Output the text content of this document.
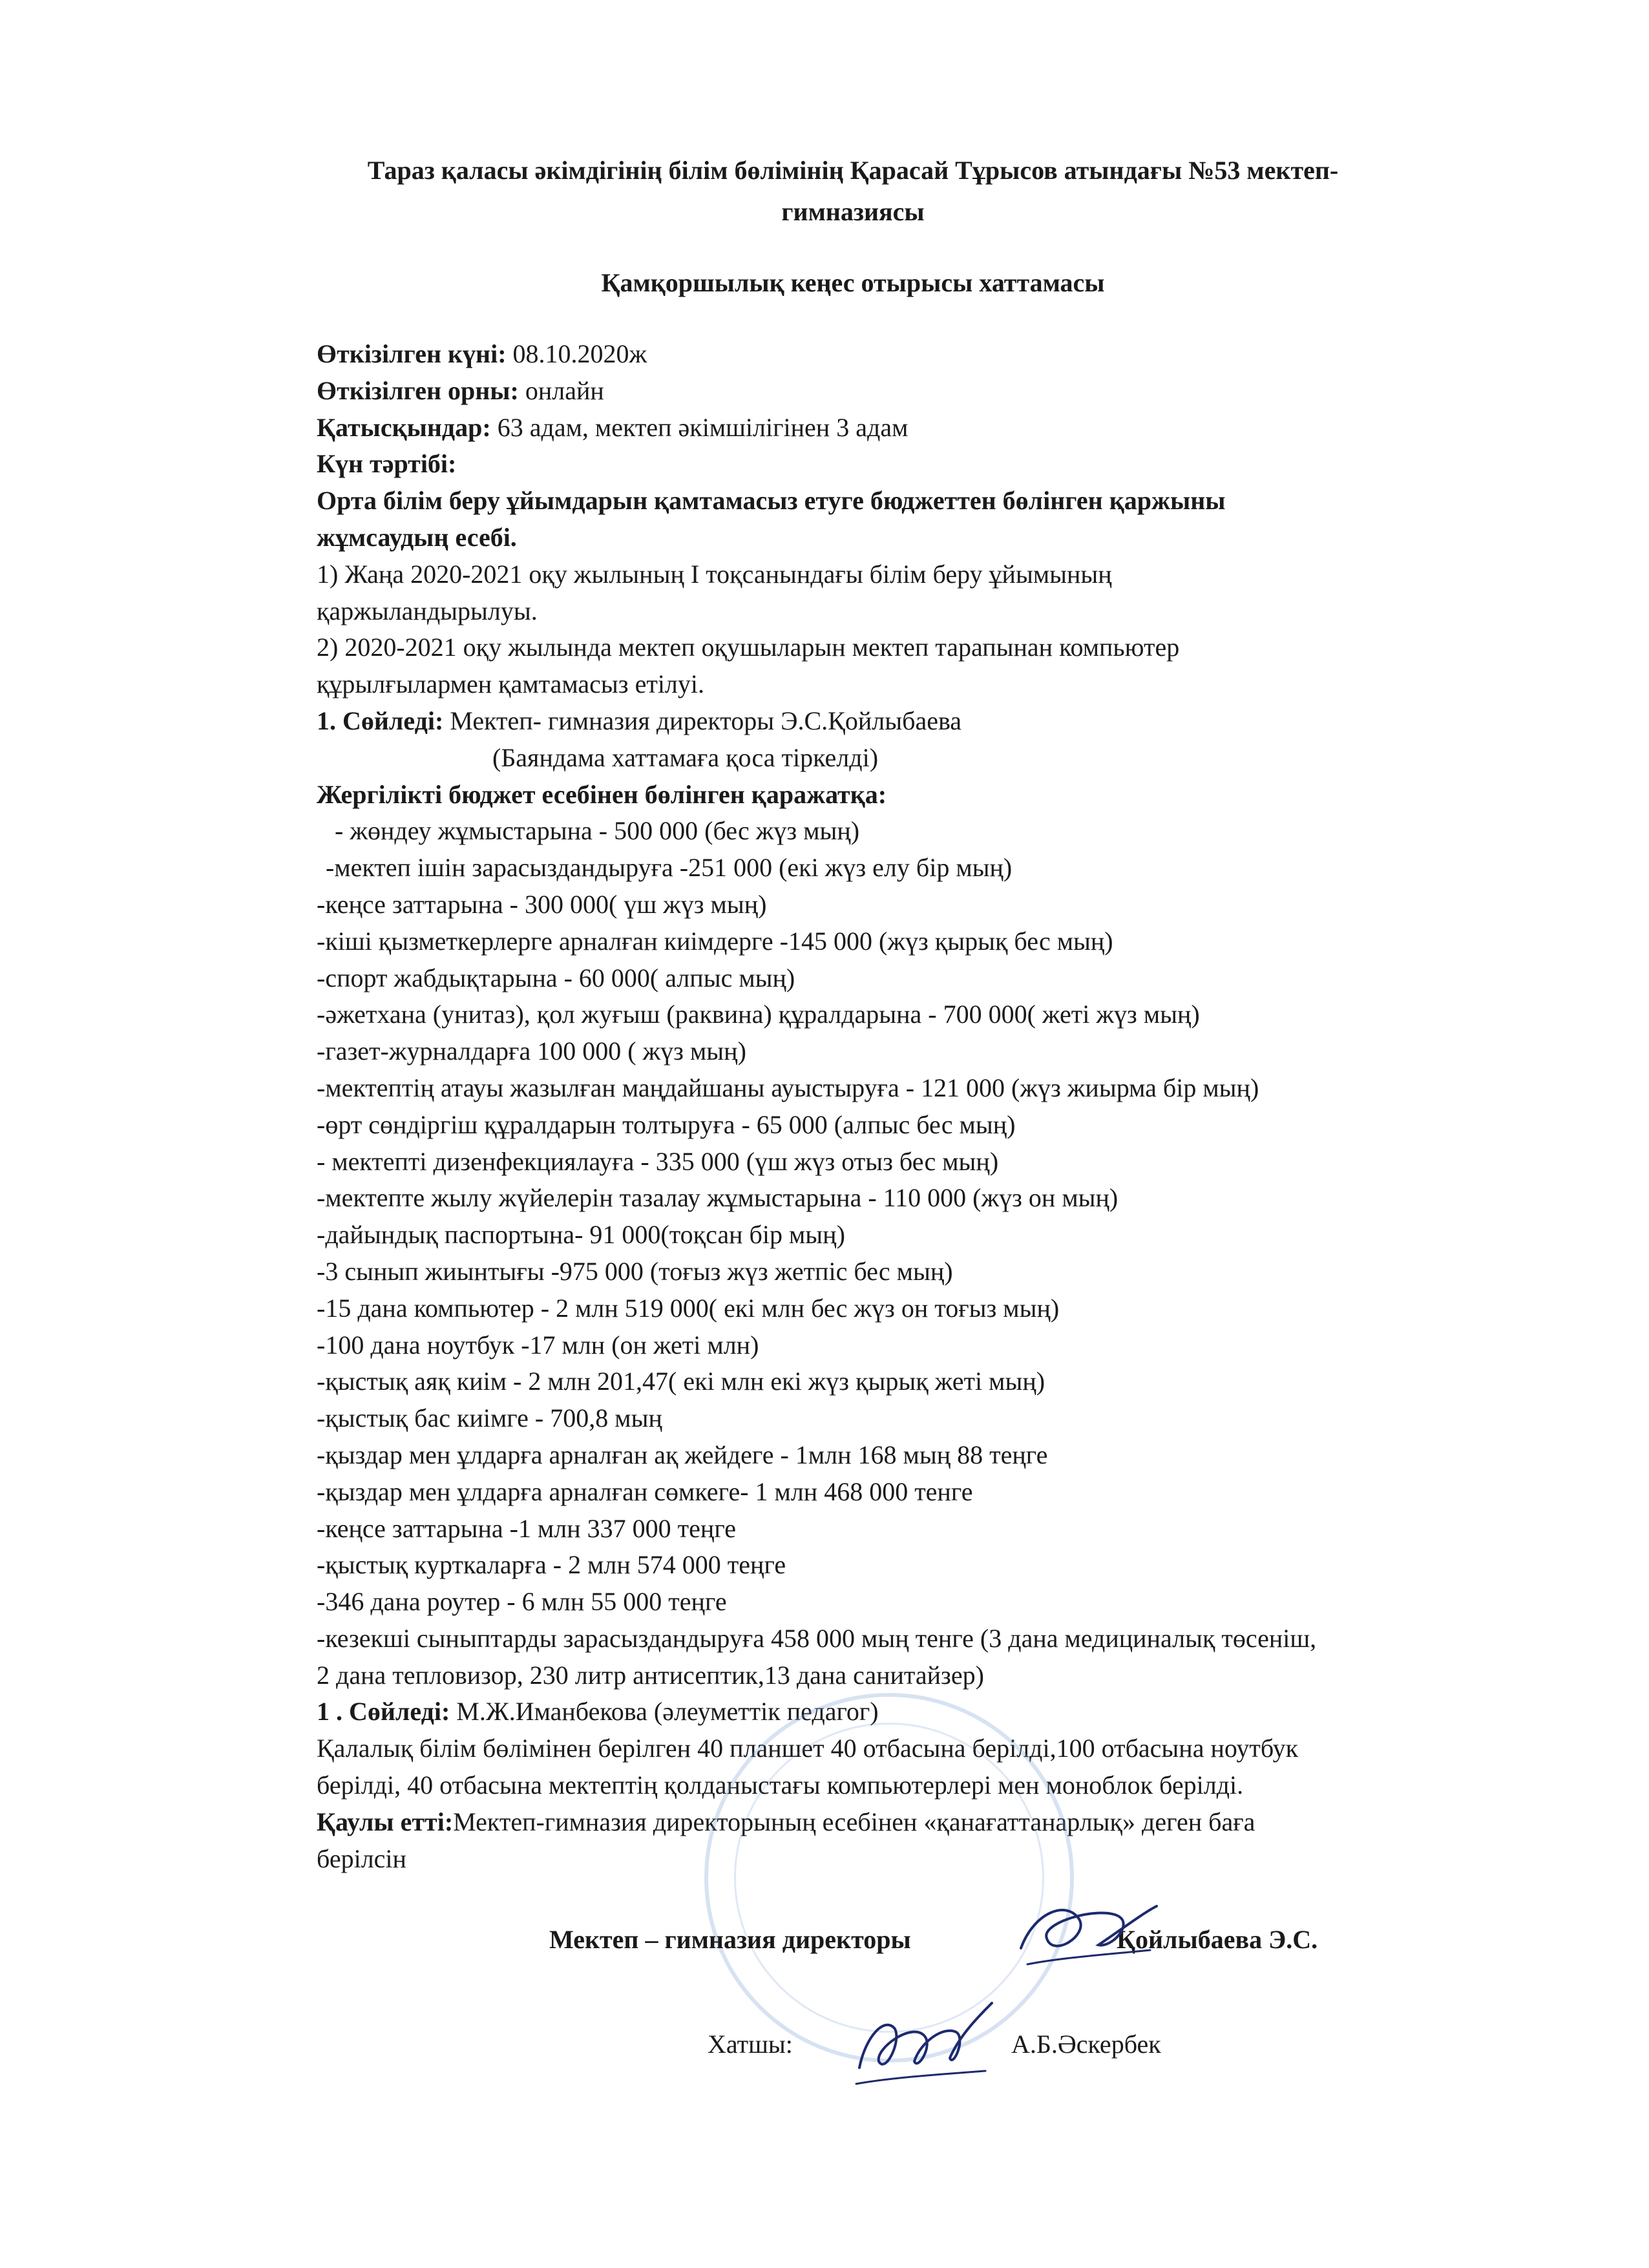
Тараз қаласы әкімдігінің білім бөлімінің Қарасай Тұрысов атындағы №53 мектеп-
гимназиясы
Қамқоршылық кеңес отырысы хаттамасы
Өткізілген күні: 08.10.2020ж
Өткізілген орны: онлайн
Қатысқындар: 63 адам, мектеп әкімшілігінен 3 адам
Күн тәртібі:
Орта білім беру ұйымдарын қамтамасыз етуге бюджеттен бөлінген қаржыны
жұмсаудың есебі.
1) Жаңа 2020-2021 оқу жылының I тоқсанындағы білім беру ұйымының
қаржыландырылуы.
2) 2020-2021 оқу жылында мектеп оқушыларын мектеп тарапынан компьютер
құрылғылармен қамтамасыз етілуі.
1. Сөйледі: Мектеп- гимназия директоры Э.С.Қойлыбаева
(Баяндама хаттамаға қоса тіркелді)
Жергілікті бюджет есебінен бөлінген қаражатқа:
- жөндеу жұмыстарына - 500 000 (бес жүз мың)
-мектеп ішін зарасыздандыруға -251 000 (екі жүз елу бір мың)
-кеңсе заттарына - 300 000( үш жүз мың)
-кіші қызметкерлерге арналған киімдерге -145 000 (жүз қырық бес мың)
-спорт жабдықтарына - 60 000( алпыс мың)
-әжетхана (унитаз), қол жуғыш (раквина) құралдарына - 700 000( жеті жүз мың)
-газет-журналдарға 100 000 ( жүз мың)
-мектептің атауы жазылған маңдайшаны ауыстыруға - 121 000 (жүз жиырма бір мың)
-өрт сөндіргіш құралдарын толтыруға - 65 000 (алпыс бес мың)
- мектепті дизенфекциялауға - 335 000 (үш жүз отыз бес мың)
-мектепте жылу жүйелерін тазалау жұмыстарына - 110 000 (жүз он мың)
-дайындық паспортына- 91 000(тоқсан бір мың)
-3 сынып жиынтығы -975 000 (тоғыз жүз жетпіс бес мың)
-15 дана компьютер - 2 млн 519 000( екі млн бес жүз он тоғыз мың)
-100 дана ноутбук -17 млн (он жеті млн)
-қыстық аяқ киім - 2 млн 201,47( екі млн екі жүз қырық жеті мың)
-қыстық бас киімге - 700,8 мың
-қыздар мен ұлдарға арналған ақ жейдеге - 1млн 168 мың 88 теңге
-қыздар мен ұлдарға арналған сөмкеге- 1 млн 468 000 тенге
-кеңсе заттарына -1 млн 337 000 теңге
-қыстық курткаларға - 2 млн 574 000 теңге
-346 дана роутер - 6 млн 55 000 теңге
-кезекші сыныптарды зарасыздандыруға 458 000 мың тенге (3 дана медициналық төсеніш,
2 дана тепловизор, 230 литр антисептик,13 дана санитайзер)
1 . Сөйледі: М.Ж.Иманбекова (әлеуметтік педагог)
Қалалық білім бөлімінен берілген 40 планшет 40 отбасына берілді,100 отбасына ноутбук
берілді, 40 отбасына мектептің қолданыстағы компьютерлері мен моноблок берілді.
Қаулы етті:Мектеп-гимназия директорының есебінен «қанағаттанарлық» деген баға
берілсін
Мектеп – гимназия директоры	Қойлыбаева Э.С.
Хатшы:	А.Б.Әскербек
